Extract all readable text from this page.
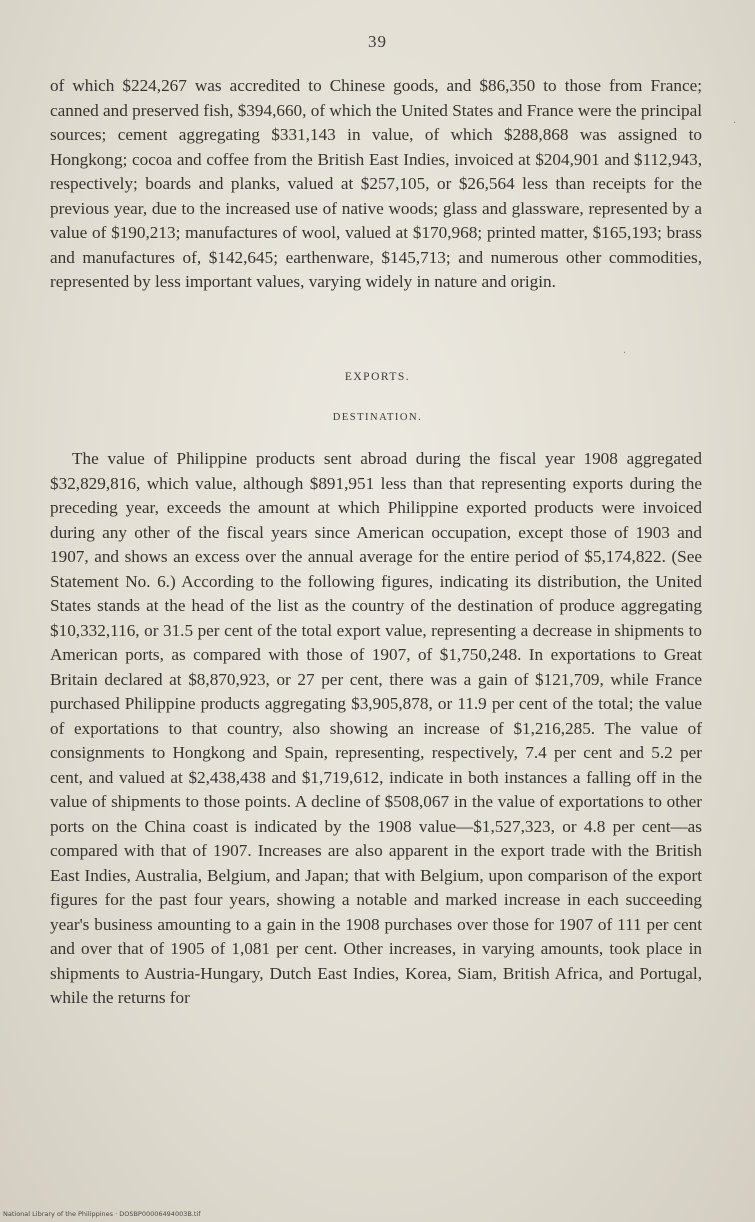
39
of which $224,267 was accredited to Chinese goods, and $86,350 to those from France; canned and preserved fish, $394,660, of which the United States and France were the principal sources; cement aggregating $331,143 in value, of which $288,868 was assigned to Hongkong; cocoa and coffee from the British East Indies, invoiced at $204,901 and $112,943, respectively; boards and planks, valued at $257,105, or $26,564 less than receipts for the previous year, due to the increased use of native woods; glass and glassware, represented by a value of $190,213; manufactures of wool, valued at $170,968; printed matter, $165,193; brass and manufactures of, $142,645; earthenware, $145,713; and numerous other commodities, represented by less important values, varying widely in nature and origin.
EXPORTS.
DESTINATION.
The value of Philippine products sent abroad during the fiscal year 1908 aggregated $32,829,816, which value, although $891,951 less than that representing exports during the preceding year, exceeds the amount at which Philippine exported products were invoiced during any other of the fiscal years since American occupation, except those of 1903 and 1907, and shows an excess over the annual average for the entire period of $5,174,822. (See Statement No. 6.) According to the following figures, indicating its distribution, the United States stands at the head of the list as the country of the destination of produce aggregating $10,332,116, or 31.5 per cent of the total export value, representing a decrease in shipments to American ports, as compared with those of 1907, of $1,750,248. In exportations to Great Britain declared at $8,870,923, or 27 per cent, there was a gain of $121,709, while France purchased Philippine products aggregating $3,905,878, or 11.9 per cent of the total; the value of exportations to that country, also showing an increase of $1,216,285. The value of consignments to Hongkong and Spain, representing, respectively, 7.4 per cent and 5.2 per cent, and valued at $2,438,438 and $1,719,612, indicate in both instances a falling off in the value of shipments to those points. A decline of $508,067 in the value of exportations to other ports on the China coast is indicated by the 1908 value—$1,527,323, or 4.8 per cent—as compared with that of 1907. Increases are also apparent in the export trade with the British East Indies, Australia, Belgium, and Japan; that with Belgium, upon comparison of the export figures for the past four years, showing a notable and marked increase in each succeeding year's business amounting to a gain in the 1908 purchases over those for 1907 of 111 per cent and over that of 1905 of 1,081 per cent. Other increases, in varying amounts, took place in shipments to Austria-Hungary, Dutch East Indies, Korea, Siam, British Africa, and Portugal, while the returns for
·
·
National Library of the Philippines · DOSBP00006494003B.tif
